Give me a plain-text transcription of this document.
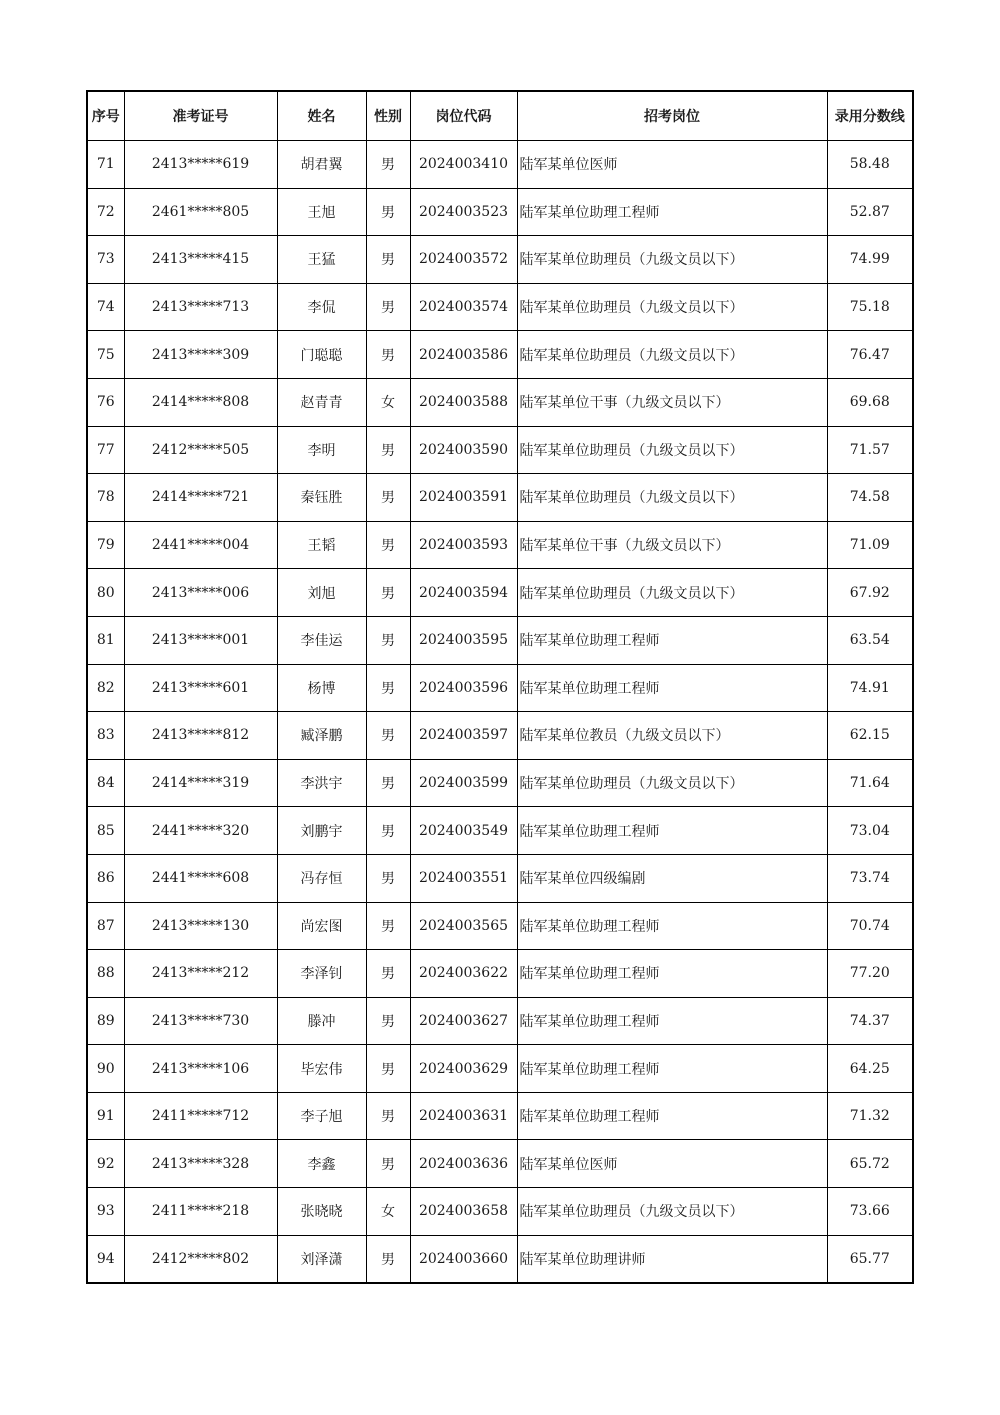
序号	准考证号	姓名	性别	岗位代码	招考岗位	录用分数线
71	2413*****619	胡君翼	男	2024003410	陆军某单位医师	58.48
72	2461*****805	王旭	男	2024003523	陆军某单位助理工程师	52.87
73	2413*****415	王猛	男	2024003572	陆军某单位助理员（九级文员以下）	74.99
74	2413*****713	李侃	男	2024003574	陆军某单位助理员（九级文员以下）	75.18
75	2413*****309	门聪聪	男	2024003586	陆军某单位助理员（九级文员以下）	76.47
76	2414*****808	赵青青	女	2024003588	陆军某单位干事（九级文员以下）	69.68
77	2412*****505	李明	男	2024003590	陆军某单位助理员（九级文员以下）	71.57
78	2414*****721	秦钰胜	男	2024003591	陆军某单位助理员（九级文员以下）	74.58
79	2441*****004	王韬	男	2024003593	陆军某单位干事（九级文员以下）	71.09
80	2413*****006	刘旭	男	2024003594	陆军某单位助理员（九级文员以下）	67.92
81	2413*****001	李佳运	男	2024003595	陆军某单位助理工程师	63.54
82	2413*****601	杨博	男	2024003596	陆军某单位助理工程师	74.91
83	2413*****812	臧泽鹏	男	2024003597	陆军某单位教员（九级文员以下）	62.15
84	2414*****319	李洪宇	男	2024003599	陆军某单位助理员（九级文员以下）	71.64
85	2441*****320	刘鹏宇	男	2024003549	陆军某单位助理工程师	73.04
86	2441*****608	冯存恒	男	2024003551	陆军某单位四级编剧	73.74
87	2413*****130	尚宏图	男	2024003565	陆军某单位助理工程师	70.74
88	2413*****212	李泽钊	男	2024003622	陆军某单位助理工程师	77.20
89	2413*****730	滕冲	男	2024003627	陆军某单位助理工程师	74.37
90	2413*****106	毕宏伟	男	2024003629	陆军某单位助理工程师	64.25
91	2411*****712	李子旭	男	2024003631	陆军某单位助理工程师	71.32
92	2413*****328	李鑫	男	2024003636	陆军某单位医师	65.72
93	2411*****218	张晓晓	女	2024003658	陆军某单位助理员（九级文员以下）	73.66
94	2412*****802	刘泽潇	男	2024003660	陆军某单位助理讲师	65.77
